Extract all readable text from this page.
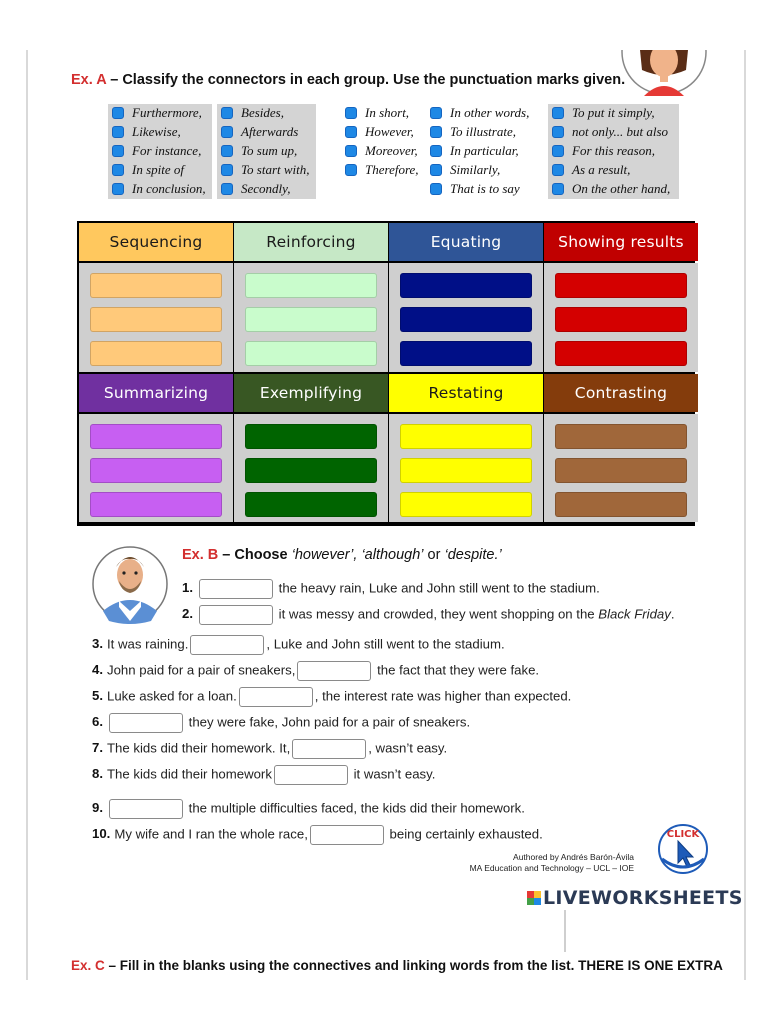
Ex. A – Classify the connectors in each group. Use the punctuation marks given.
Furthermore,
Likewise,
For instance,
In spite of
In conclusion,
Besides,
Afterwards
To sum up,
To start with,
Secondly,
In short,
However,
Moreover,
Therefore,
In other words,
To illustrate,
In particular,
Similarly,
That is to say
To put it simply,
not only... but also
For this reason,
As a result,
On the other hand,
Sequencing	Reinforcing	Equating	Showing results
Summarizing	Exemplifying	Restating	Contrasting
Ex. B – Choose ‘however’, ‘although’ or ‘despite.’
1.	the heavy rain, Luke and John still went to the stadium.
2.	it was messy and crowded, they went shopping on the Black Friday.
3. It was raining.	, Luke and John still went to the stadium.
4. John paid for a pair of sneakers,	the fact that they were fake.
5. Luke asked for a loan.	, the interest rate was higher than expected.
6.	they were fake, John paid for a pair of sneakers.
7. The kids did their homework. It,	, wasn’t easy.
8. The kids did their homework	it wasn’t easy.
9.	the multiple difficulties faced, the kids did their homework.
10. My wife and I ran the whole race,	being certainly exhausted.
Authored by Andrés Barón-Ávila
MA Education and Technology – UCL – IOE
CLICK
LIVEWORKSHEETS
Ex. C – Fill in the blanks using the connectives and linking words from the list. THERE IS ONE EXTRA
